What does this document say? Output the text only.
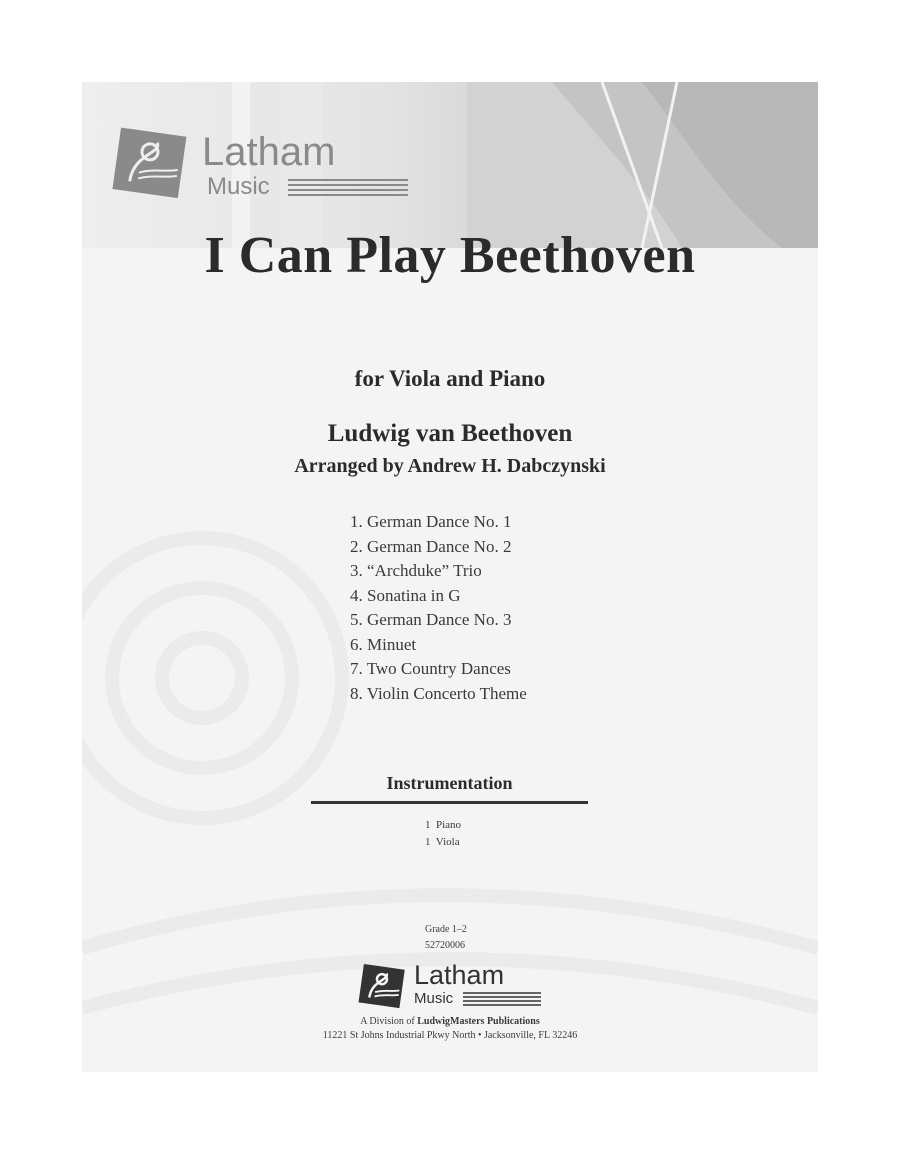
Latham
Music
I Can Play Beethoven
for Viola and Piano
Ludwig van Beethoven
Arranged by Andrew H. Dabczynski
1. German Dance No. 1
2. German Dance No. 2
3. “Archduke” Trio
4. Sonatina in G
5. German Dance No. 3
6. Minuet
7. Two Country Dances
8. Violin Concerto Theme
Instrumentation
1  Piano
1  Viola
Grade 1–2
52720006
Latham
Music
A Division of LudwigMasters Publications
11221 St Johns Industrial Pkwy North • Jacksonville, FL 32246
